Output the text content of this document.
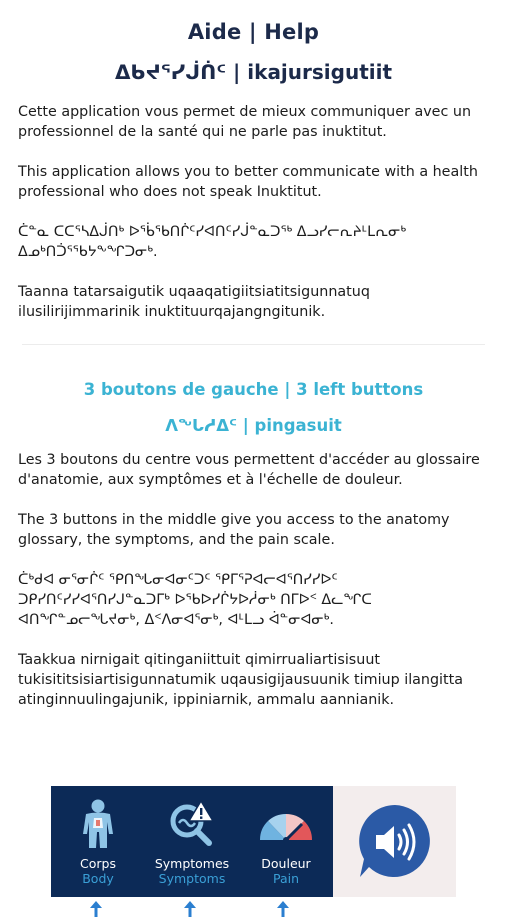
Aide | Help
ᐃᑲᔪᕐᓯᒎᑏᑦ | ikajursigutiit

Cette application vous permet de mieux communiquer avec un professionnel de la santé qui ne parle pas inuktitut.

This application allows you to better communicate with a health professional who does not speak Inuktitut.

ᑖᓐᓇ ᑕᑕᕐᓴᐃᒎᑎᒃ ᐅᖄᖃᑎᒌᑦᓯᐊᑎᑦᓯᒎᓐᓇᑐᖅ ᐃᓗᓯᓕᕆᔨᒻᒪᕆᓂᒃ ᐃᓄᒃᑎᑑᕐᖃᔭᖕᖏᑐᓂᒃ.

Taanna tatarsaigutik uqaaqatigiitsiatitsigunnatuq ilusilirijimmarinik inuktituurqajangngitunik.

3 boutons de gauche | 3 left buttons
ᐱᖓᓱᐃᑦ | pingasuit

Les 3 boutons du centre vous permettent d'accéder au glossaire d'anatomie, aux symptômes et à l'échelle de douleur.

The 3 buttons in the middle give you access to the anatomy glossary, the symptoms, and the pain scale.

ᑖᒃᑯᐊ ᓂᕐᓂᒌᑦ ᕿᑎᖓᓂᐊᓂᑦᑐᑦ ᕿᒥᕐᕈᐊᓕᐊᕐᑎᓯᓯᐅᑦ ᑐᑭᓯᑎᑦᓯᓯᐊᕐᑎᓯᒍᓐᓇᑐᒥᒃ ᐅᖃᐅᓯᒌᔭᐅᓲᓂᒃ ᑎᒥᐅᑉ ᐃᓚᖏᑕ ᐊᑎᖏᓐᓄᓕᖓᔪᓂᒃ, ᐃᑉᐱᓂᐊᕐᓂᒃ, ᐊᒻᒪᓗ ᐋᓐᓂᐊᓂᒃ.

Taakkua nirnigait qitinganiittuit qimirrualiartisisuut tukisititsisiartisigunnatumik uqausigijausuunik timiup ilangitta atinginnuulingajunik, ippiniarnik, ammalu aannianik.

Corps
Body
Symptomes
Symptoms
Douleur
Pain
